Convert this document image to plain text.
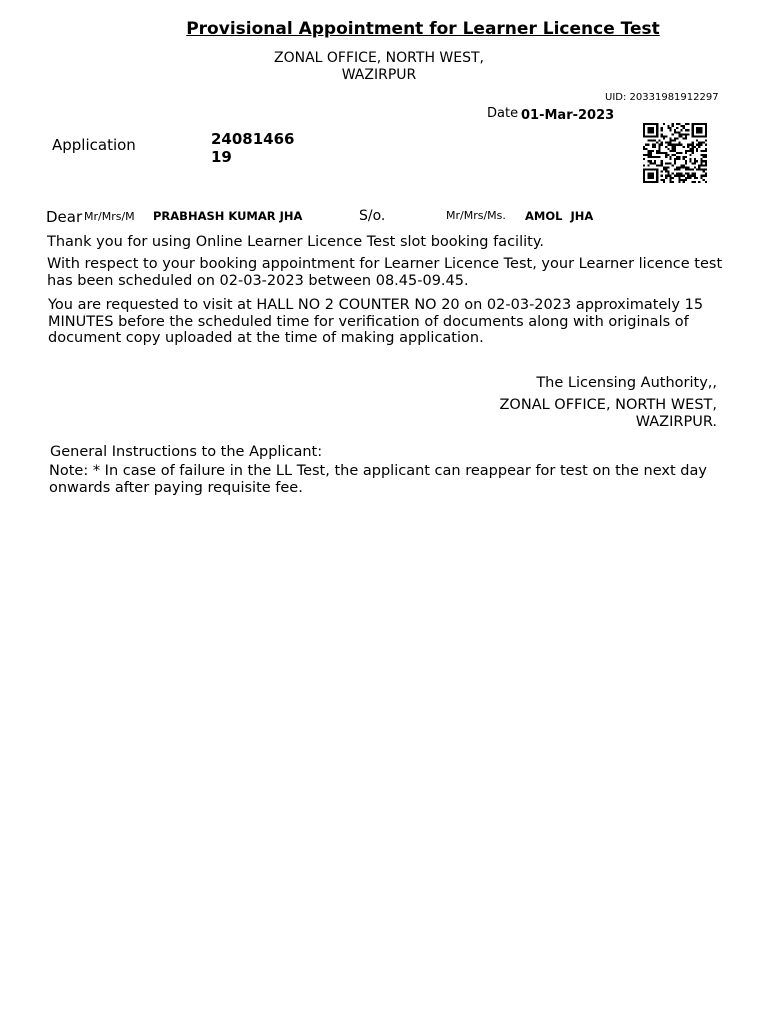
Provisional Appointment for Learner Licence Test
ZONAL OFFICE, NORTH WEST,
WAZIRPUR
UID: 20331981912297
Date 01-Mar-2023
Application	2408146619
Dear Mr/Mrs/M PRABHASH KUMAR JHA	S/o.	Mr/Mrs/Ms. AMOL  JHA
Thank you for using Online Learner Licence Test slot booking facility.
With respect to your booking appointment for Learner Licence Test, your Learner licence test has been scheduled on 02-03-2023 between 08.45-09.45.
You are requested to visit at HALL NO 2 COUNTER NO 20 on 02-03-2023 approximately 15 MINUTES before the scheduled time for verification of documents along with originals of document copy uploaded at the time of making application.
The Licensing Authority,,
ZONAL OFFICE, NORTH WEST,
WAZIRPUR.
General Instructions to the Applicant:
Note: * In case of failure in the LL Test, the applicant can reappear for test on the next day onwards after paying requisite fee.
